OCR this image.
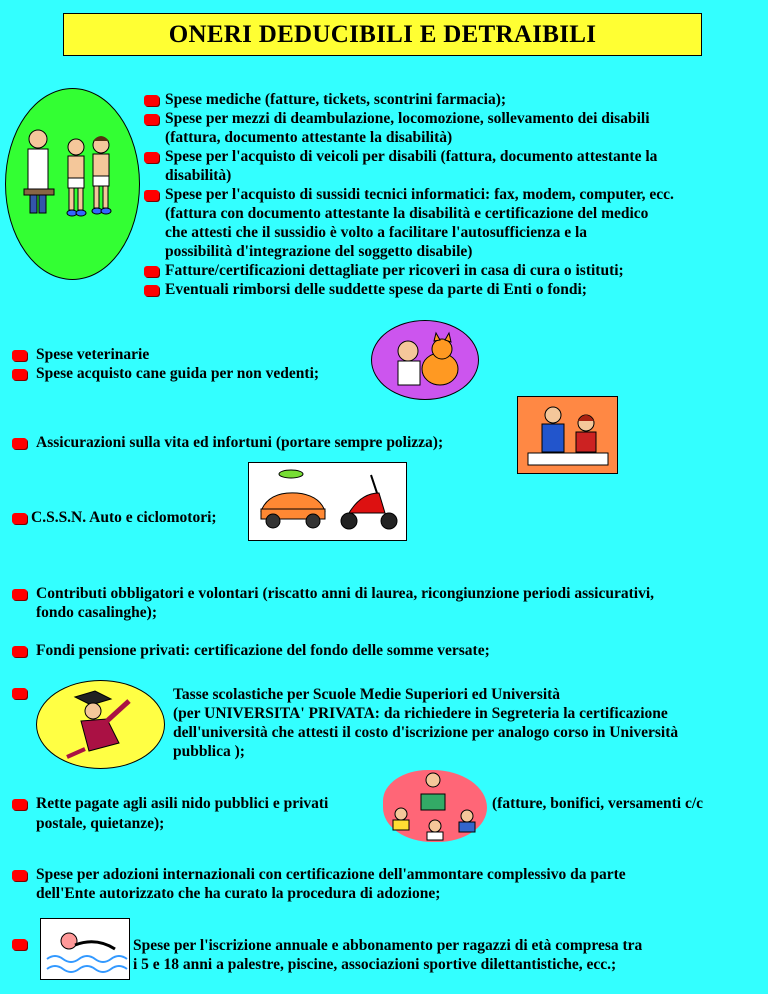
ONERI DEDUCIBILI E DETRAIBILI
Spese mediche (fatture, tickets, scontrini farmacia);
Spese per mezzi di deambulazione, locomozione, sollevamento dei disabili
(fattura, documento attestante la disabilità)
Spese per l'acquisto di veicoli per disabili (fattura, documento attestante la
disabilità)
Spese per l'acquisto di sussidi tecnici informatici: fax, modem, computer, ecc.
(fattura con documento attestante la disabilità e certificazione del medico
che attesti che il sussidio è volto a facilitare l'autosufficienza e la
possibilità d'integrazione del soggetto disabile)
Fatture/certificazioni dettagliate per ricoveri in casa di cura o istituti;
Eventuali rimborsi delle suddette spese da parte di Enti o fondi;
Spese veterinarie
Spese acquisto cane guida per non vedenti;
Assicurazioni sulla vita ed infortuni (portare sempre polizza);
C.S.S.N. Auto e ciclomotori;
Contributi obbligatori e volontari (riscatto anni di laurea, ricongiunzione periodi assicurativi,
fondo casalinghe);
Fondi pensione privati: certificazione del fondo delle somme versate;
Tasse scolastiche per Scuole Medie Superiori ed Università
(per UNIVERSITA' PRIVATA: da richiedere in Segreteria la certificazione
dell'università che attesti il costo d'iscrizione per analogo corso in Università
pubblica );
Rette pagate agli asili nido pubblici e privati	(fatture, bonifici, versamenti c/c
postale, quietanze);
Spese per adozioni internazionali con certificazione dell'ammontare complessivo da parte
dell'Ente autorizzato che ha curato la procedura di adozione;
Spese per l'iscrizione annuale e abbonamento per ragazzi di età compresa tra
i 5 e 18 anni a palestre, piscine, associazioni sportive dilettantistiche, ecc.;
